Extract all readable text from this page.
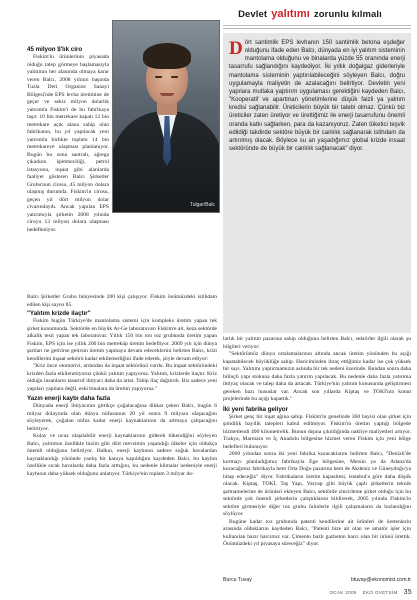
Devlet yalıtımı zorunlu kılmalı
Tulgar/Balc
D ört santimlik EPS levhanın 150 santimlik betona eşdeğer olduğunu ifade eden Balcı, dünyada en iyi yalıtım sisteminin mantolama olduğunu ve binalarda yüzde 55 oranında enerji tasarrufu sağlandığını kaydediyor. İki yıllık doğalgaz giderleriyle mantolama sisteminin yaptırılabileceğini söyleyen Balcı, doğru uygulamayla maliyetin de azalacağını belirtiyor. Devletin yeni yapılara mutlaka yaptırım uygulaması gerektiğini kaydeden Balcı, "Kooperatif ve apartman yönetimlerine düşük faizli ya yalıtım kredisi sağlanabilir. Üreticilerin büyük bir talebi olmaz. Çünkü biz üreticiler zaten üretiyor ve ürettiğimiz ile enerji tasarrufunu önemli oranda katkı sağlarken, para da kazanıyoruz. Zaten tüketici teşvik edildiği takdirde sektöre büyük bir canlılık sağlanarak istihdam da artırılmış olacak. Böylece su an yaşadığımız global krizde insaat sektöründe de büyük bir canlılık sağlanacak" diyor.

45 milyon $'lık ciro

Fiskim'in ürünlerinin piyasada olduğu talep görmeye başlamasıyla yalıtımın her alanında olmaya karar veren Balcı, 2008 yılının başında Tuzla Deri Organize Sanayi Bölgesi'nde EPS levha üretimine de geçer ve sekiz milyon dolarlık yatırımla Fiskim'i de bu fabrikaya taşır. 10 bin metrekare kapalı 12 bin metrekare açık alana sahip olan fabrikanın, bu yıl yapılacak yeni yatırımla birlikte toplam 14 bin metrekareye ulaşması planlanıyor. Bugün bu sona santralı, ağrega çıkarken işletmeciliği, petrol istasyonu, inşaat gibi alanlarda faaliyet gösteren Balcı Şirketler Grubu'nun cirosu, 45 milyon dolara ulaşmış durumda. Fiskim'in cirosu, geçen yıl dört milyon dolar civarındaydı. Ancak yapılan EPS yatırımıyla şirketin 2008 yılında ciroyu 13 milyon dolara ulaşması hedefleniyor.

Balcı Şirketler Grubu bünyesinde 200 kişi çalışıyor. Fiskim önümüzdeki istihdam edilen kişi sayısı 85.
"Yalıtım krizde ilaçtır"

Fiskim bugün Türkiye'de mantolama sistemi için kompleks üretim yapan tek şirket konumunda. Sektörde en büyük Ar-Ge laboratuvarı Fiskim'e ait, keza sektörde alkalik testi yapan tek laboratuvar. Yıllık 150 bin ton toz grubunda üretim yapan Fiskim, EPS için ise yıllık 200 bin metreküp üretim hedefliyor. 2009 yılı için dünya şartları ne getirirse getirsin üretim yapmaya devam edeceklerini belirten Balcı, krizi kendilerini inşaat sektörü kadar etkilemediğini ifade ederek, şöyle devam ediyor:

"Kriz önce otomotivi, ardından da inşaat sektörünü vurdu. Bu inşaat sektöründeki krizden fazla etkilenmiyoruz çünkü yalıtım yapıyoruz. Yalıtım, krizlerde ilaçtır. Kriz olduğu insanların tasarruf ihtiyacı daha da artar. Tabip ilaç dağıtırdı. Biz sadece yeni yapıları yapılara değil, eski binalara da üretim yapıyoruz."

Yazın enerji kaybı daha fazla

Dünyada enerji ihtiyacının gittikçe çoğalacağına dikkat çeken Balcı, bugün 6 milyar dolayında olan dünya nüfusunun 20 yıl sonra 9 milyara ulaşacağını söyleyerek, çoğalan nüfus kadar enerji kaynaklarının da artmaya çalışacağını belirtiyor.

Kolay ve ucuz ulaşılabilir enerji kaynaklarının giderek tükendiğini söyleyen Balcı, yalıtımın özellikle bizim gibi dört mevsimin yaşandığı ülkeler için oldukça önemli olduğunu belirtiyor. Halkın, enerji kaybının sadece soğuk havalardan kaynaklandığı yönünde yanlış bir kanıya kapıldığını kaydeden Balcı, bu kaybın özellikle sıcak havalarda daha fazla arttığını, bu nedenle klimalar nedeniyle enerji kaybının daha yüksek olduğunu anlatıyor. Türkiye'nin toplam 3 milyar do-

larlık bir yalıtım pazarına sahip olduğunu belirten Balcı, sektörler ilgili olarak şu bilgileri veriyor:

"Sektörümüz dünya ortalamalarının altında ancak üretim yönünden bu açığı kapatabilecek büyüklüğe sahip. Haricimizden ihraç ettiğimiz kadar ise çok yüksek bir sayı. Yalıtımı yaptırmamızın aslında bir tek nedeni üzerinde. Bundan sonra daha bilinçli yapı stokuna daha fazla yatırım yapılacak. Bu nedenle daha fazla yatırıma ihtiyaç olacak ve talep daha da artacak. Türkiye'nin yalıtım konusunda geliştirmesi gereken bazı hususlar var. Ancak son yıllarda Kiptaş ve TOKİ'nin konut projelerinde bu açığı kapattık."

İki yeni fabrika geliyor

Şirket genç bir inşat ağına sahip. Fiskim'in genelinde 360 bayisi olan şirket için şimdilik bayilik talepleri kabul edilmiyor. Fiskim'in üretim yaptığı bölgede hizmetlendi 400 kilometrelik. Bunun dışına çıkıldığında nakliye maliyetleri artıyor. Trakya, Marmara ve İç Anadolu bölgesine hizmet veren Fiskim için yeni bölge hedefleri bulunuyor.

2009 yılından sonra iki yeni fabrika kuracaklarını belirten Balcı, "Denizli'de kurmayı planladığımız fabrikayla Ege bölgesine, Mersin ya da Adana'da kuracağımız fabrikayla hem Orta Doğu pazarına hem de Akdeniz ve Güneydoğu'ya hitap edeceğiz" diyor. Fabrikaların üretim kapasitesi, istanbul'a göre daha düşük olacak. Kiptaş, TOKİ, Taş Yapı, Varyap gibi büyük çaplı şirketlerin teknik şartnamelerine de ürünleri ekleyen Balcı, sektörde zincirleme şirket olduğu için bu sektörde çok önemli şirketlerin çalıştıklarını bildirerek, 2005 yılında Fiskim'in sektöre girmesiyle diğer toz grubu ürünlerle ilgili çalışmaların da hızlandığını söylüyor.

Bugüne kadar toz grubunda patenti kendilerine ait ürünleri de üretenlerin arasında olduklarını kaydeden Balcı, "Patenti bize ait olan ve amatör işler için kullanılan hazır harcımız var. Çimento bazlı gazbeton harcı olan bir ürünü ürettik. Önümüzdeki yıl piyasaya süreceğiz" diyor.

Burcu Tuvay	btuvay@ekonomist.com.tr
OCAK 2009 EKO OVETSİM 35
